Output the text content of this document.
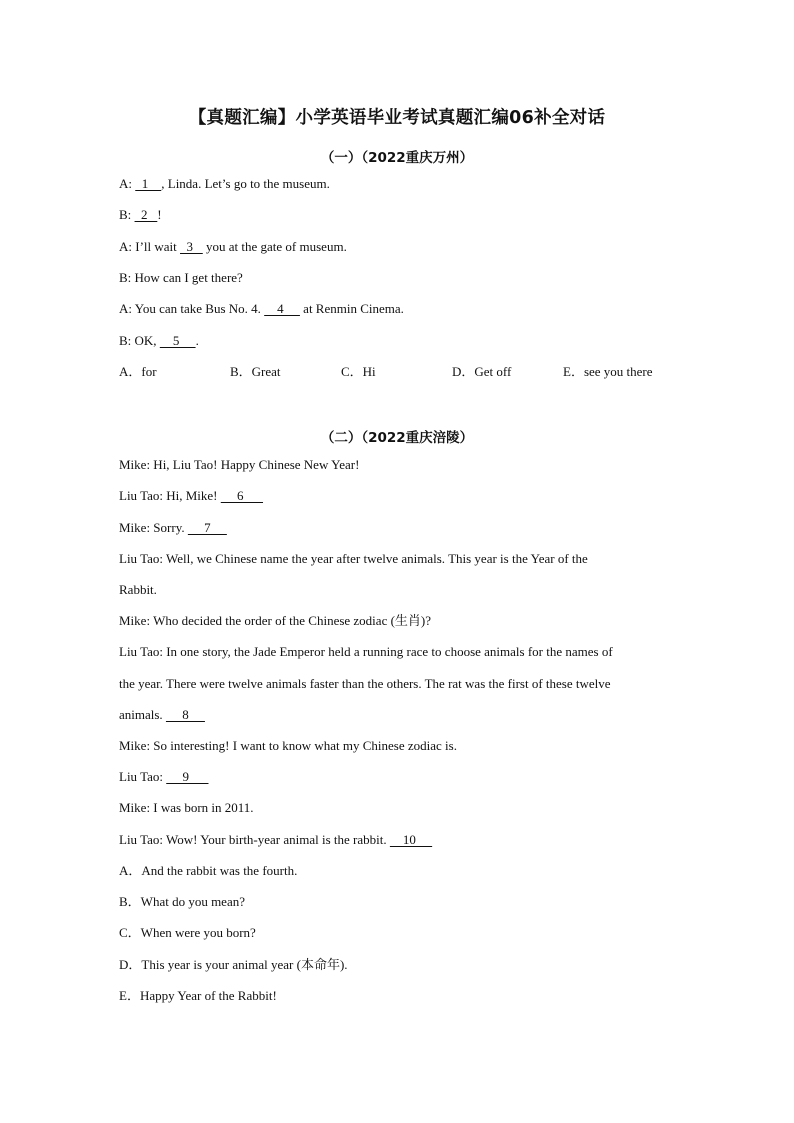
【真题汇编】小学英语毕业考试真题汇编06补全对话
（一）（2022重庆万州）
A:   1    , Linda. Let’s go to the museum.
B:   2   !
A: I’ll wait   3    you at the gate of museum.
B: How can I get there?
A: You can take Bus No. 4.     4      at Renmin Cinema.
B: OK,     5     .
A．for	B．Great	C．Hi	D．Get off	E．see you there
（二）（2022重庆涪陵）
Mike: Hi, Liu Tao! Happy Chinese New Year!
Liu Tao: Hi, Mike!      6
Mike: Sorry.      7
Liu Tao: Well, we Chinese name the year after twelve animals. This year is the Year of the
Rabbit.
Mike: Who decided the order of the Chinese zodiac (生肖)?
Liu Tao: In one story, the Jade Emperor held a running race to choose animals for the names of
the year. There were twelve animals faster than the others. The rat was the first of these twelve
animals.      8
Mike: So interesting! I want to know what my Chinese zodiac is.
Liu Tao:      9
Mike: I was born in 2011.
Liu Tao: Wow! Your birth-year animal is the rabbit.     10
A．And the rabbit was the fourth.
B．What do you mean?
C．When were you born?
D．This year is your animal year (本命年).
E．Happy Year of the Rabbit!
